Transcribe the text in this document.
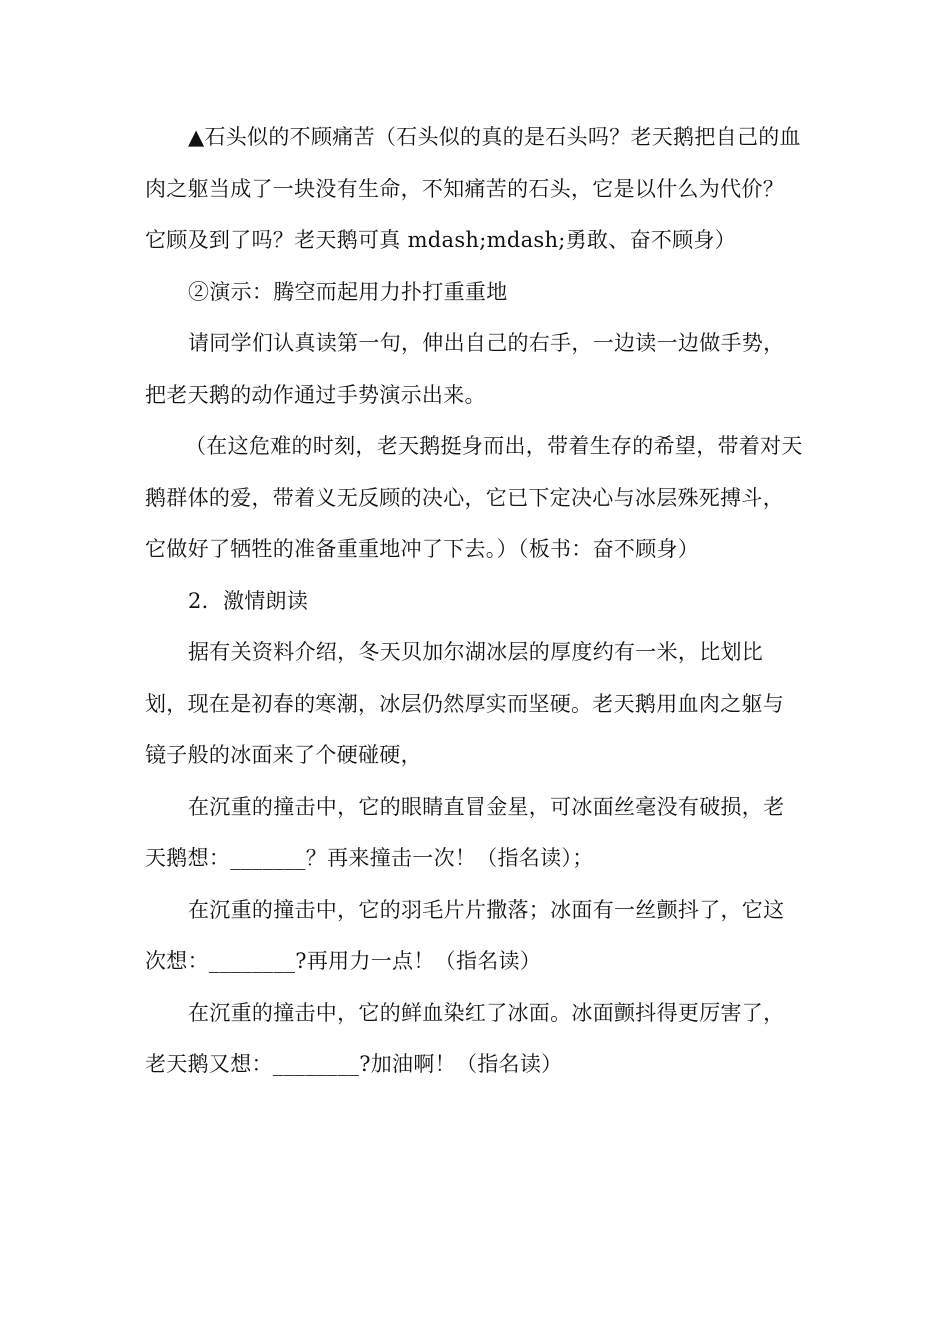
▲石头似的不顾痛苦（石头似的真的是石头吗？老天鹅把自己的血肉之躯当成了一块没有生命，不知痛苦的石头，它是以什么为代价？它顾及到了吗？老天鹅可真 mdash;mdash;勇敢、奋不顾身）

②演示：腾空而起用力扑打重重地

请同学们认真读第一句，伸出自己的右手，一边读一边做手势，把老天鹅的动作通过手势演示出来。

（在这危难的时刻，老天鹅挺身而出，带着生存的希望，带着对天鹅群体的爱，带着义无反顾的决心，它已下定决心与冰层殊死搏斗，它做好了牺牲的准备重重地冲了下去。）（板书：奋不顾身）

2．激情朗读

据有关资料介绍，冬天贝加尔湖冰层的厚度约有一米，比划比划，现在是初春的寒潮，冰层仍然厚实而坚硬。老天鹅用血肉之躯与镜子般的冰面来了个硬碰硬，

在沉重的撞击中，它的眼睛直冒金星，可冰面丝毫没有破损，老天鹅想：_______？再来撞击一次！（指名读）；

在沉重的撞击中，它的羽毛片片撒落；冰面有一丝颤抖了，它这次想：________?再用力一点！（指名读）

在沉重的撞击中，它的鲜血染红了冰面。冰面颤抖得更厉害了，老天鹅又想：________?加油啊！（指名读）
